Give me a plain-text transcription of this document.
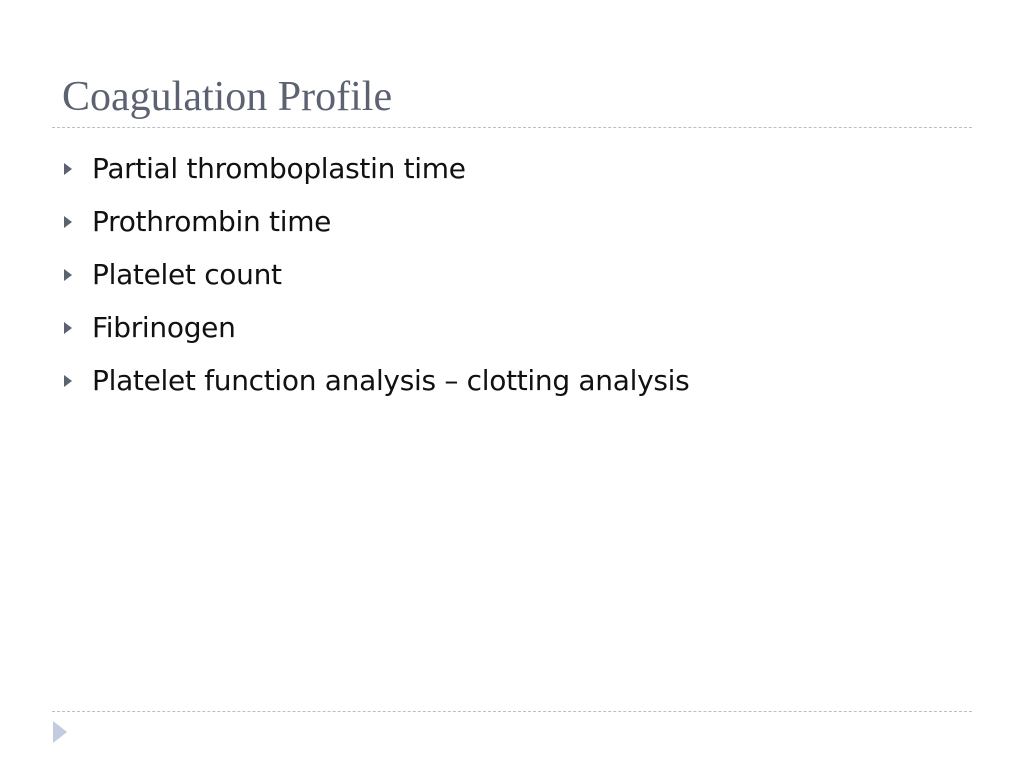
Coagulation Profile
Partial thromboplastin time
Prothrombin time
Platelet count
Fibrinogen
Platelet function analysis – clotting analysis
